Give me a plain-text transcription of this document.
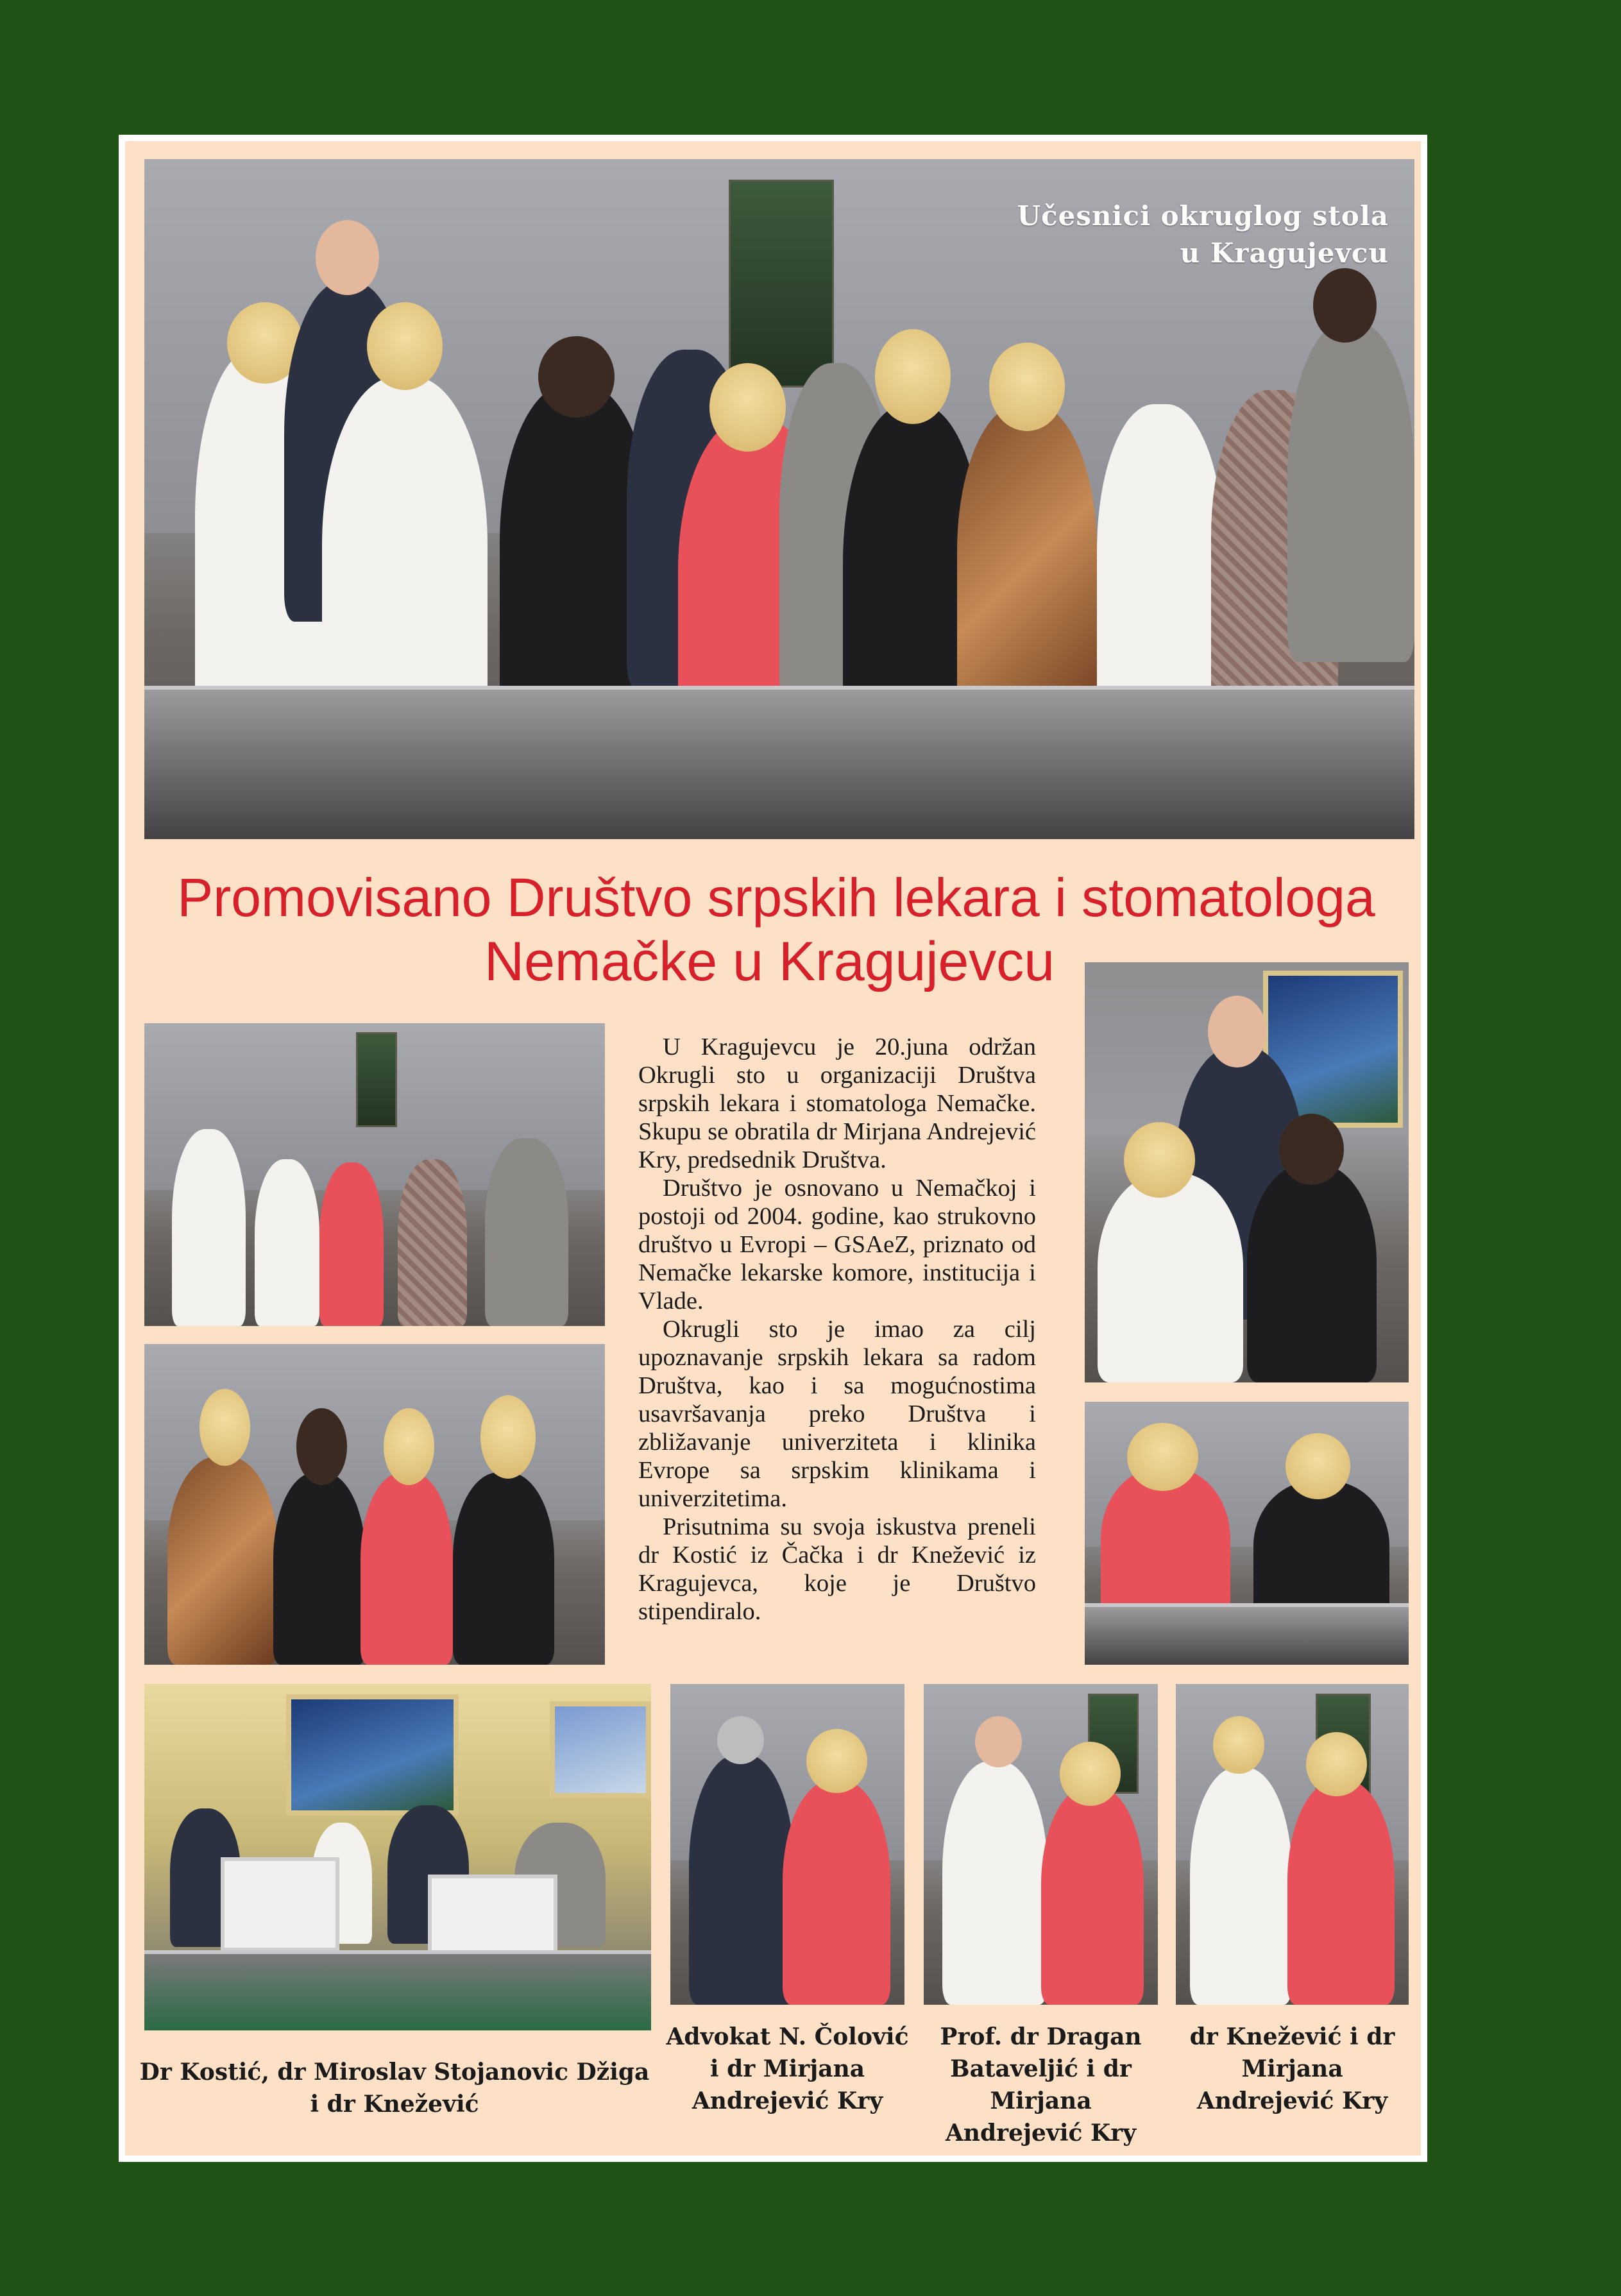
Učesnici okruglog stola
u Kragujevcu
Promovisano Društvo srpskih lekara i stomatologa
Nemačke u Kragujevcu

U Kragujevcu je 20.juna održan Okrugli sto u organizaciji Društva srpskih lekara i stomatologa Nemačke. Skupu se obratila dr Mirjana Andrejević Kry, predsednik Društva.

Društvo je osnovano u Nemačkoj i postoji od 2004. godine, kao strukovno društvo u Evropi – GSAeZ, priznato od Nemačke lekarske komore, institucija i Vlade.

Okrugli sto je imao za cilj upoznavanje srpskih lekara sa radom Društva, kao i sa mogućnostima usavršavanja preko Društva i zbližavanje univerziteta i klinika Evrope sa srpskim klinikama i univerzitetima.

Prisutnima su svoja iskustva preneli dr Kostić iz Čačka i dr Knežević iz Kragujevca, koje je Društvo stipendiralo.

Dr Kostić, dr Miroslav Stojanovic Džiga i dr Knežević
Advokat N. Čolović i dr Mirjana Andrejević Kry
Prof. dr Dragan Bataveljić i dr Mirjana Andrejević Kry
dr Knežević i dr Mirjana Andrejević Kry
